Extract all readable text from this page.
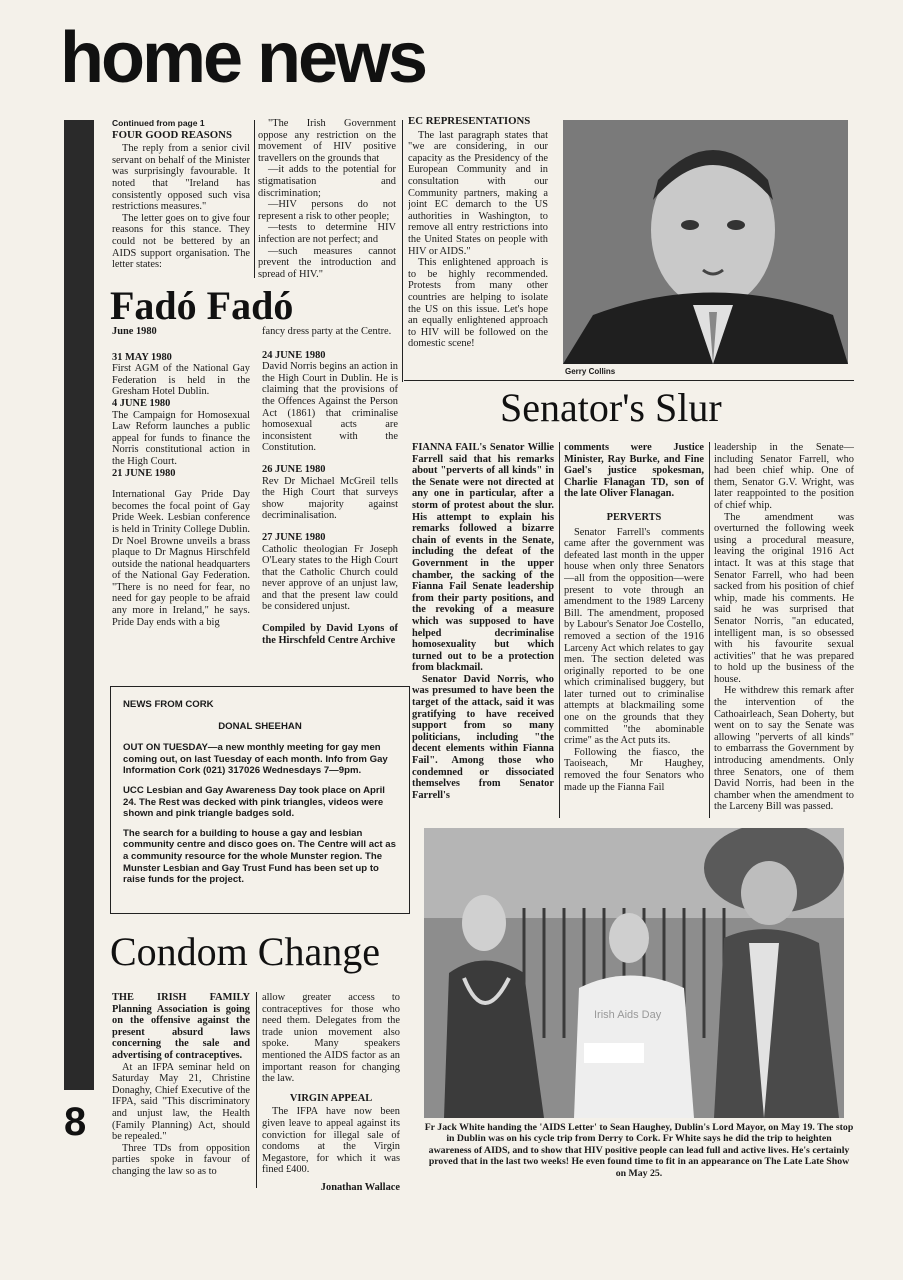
home news
8
Continued from page 1
FOUR GOOD REASONS

The reply from a senior civil servant on behalf of the Minister was surprisingly favourable. It noted that "Ireland has consistently opposed such visa restrictions measures."

The letter goes on to give four reasons for this stance. They could not be bettered by an AIDS support organisation. The letter states:

"The Irish Government oppose any restriction on the movement of HIV positive travellers on the grounds that

—it adds to the potential for stigmatisation and discrimination;

—HIV persons do not represent a risk to other people;

—tests to determine HIV infection are not perfect; and

—such measures cannot prevent the introduction and spread of HIV."

EC REPRESENTATIONS

The last paragraph states that "we are considering, in our capacity as the Presidency of the European Community and in consultation with our Community partners, making a joint EC demarch to the US authorities in Washington, to remove all entry restrictions into the United States on people with HIV or AIDS."

This enlightened approach is to be highly recommended. Protests from many other countries are helping to isolate the US on this issue. Let's hope an equally enlightened approach to HIV will be followed on the domestic scene!

Gerry Collins
Fadó Fadó
June 1980
31 MAY 1980

First AGM of the National Gay Federation is held in the Gresham Hotel Dublin.

4 JUNE 1980

The Campaign for Homosexual Law Reform launches a public appeal for funds to finance the Norris constitutional action in the High Court.

21 JUNE 1980

International Gay Pride Day becomes the focal point of Gay Pride Week. Lesbian conference is held in Trinity College Dublin. Dr Noel Browne unveils a brass plaque to Dr Magnus Hirschfeld outside the national headquarters of the National Gay Federation. "There is no need for fear, no need for gay people to be afraid any more in Ireland," he says. Pride Day ends with a big

fancy dress party at the Centre.

24 JUNE 1980

David Norris begins an action in the High Court in Dublin. He is claiming that the provisions of the Offences Against the Person Act (1861) that criminalise homosexual acts are inconsistent with the Constitution.

26 JUNE 1980

Rev Dr Michael McGreil tells the High Court that surveys show majority against decriminalisation.

27 JUNE 1980

Catholic theologian Fr Joseph O'Leary states to the High Court that the Catholic Church could never approve of an unjust law, and that the present law could be considered unjust.

Compiled by David Lyons of the Hirschfeld Centre Archive

Senator's Slur

FIANNA FAIL's Senator Willie Farrell said that his remarks about "perverts of all kinds" in the Senate were not directed at any one in particular, after a storm of protest about the slur. His attempt to explain his remarks followed a bizarre chain of events in the Senate, including the defeat of the Government in the upper chamber, the sacking of the Fianna Fail Senate leadership from their party positions, and the revoking of a measure which was supposed to have helped decriminalise homosexuality but which turned out to be a protection from blackmail.

Senator David Norris, who was presumed to have been the target of the attack, said it was gratifying to have received support from so many politicians, including "the decent elements within Fianna Fail". Among those who condemned or dissociated themselves from Senator Farrell's

comments were Justice Minister, Ray Burke, and Fine Gael's justice spokesman, Charlie Flanagan TD, son of the late Oliver Flanagan.

PERVERTS

Senator Farrell's comments came after the government was defeated last month in the upper house when only three Senators—all from the opposition—were present to vote through an amendment to the 1989 Larceny Bill. The amendment, proposed by Labour's Senator Joe Costello, removed a section of the 1916 Larceny Act which relates to gay men. The section deleted was originally reported to be one which criminalised buggery, but later turned out to criminalise attempts at blackmailing some one on the grounds that they committed "the abominable crime" as the Act puts its.

Following the fiasco, the Taoiseach, Mr Haughey, removed the four Senators who made up the Fianna Fail

leadership in the Senate—including Senator Farrell, who had been chief whip. One of them, Senator G.V. Wright, was later reappointed to the position of chief whip.

The amendment was overturned the following week using a procedural measure, leaving the original 1916 Act intact. It was at this stage that Senator Farrell, who had been sacked from his position of chief whip, made his comments. He said he was surprised that Senator Norris, "an educated, intelligent man, is so obsessed with his favourite sexual activities" that he was prepared to hold up the business of the house.

He withdrew this remark after the intervention of the Cathoairleach, Sean Doherty, but went on to say the Senate was allowing "perverts of all kinds" to embarrass the Government by introducing amendments. Only three Senators, one of them David Norris, had been in the chamber when the amendment to the Larceny Bill was passed.

NEWS FROM CORK
DONAL SHEEHAN

OUT ON TUESDAY—a new monthly meeting for gay men coming out, on last Tuesday of each month. Info from Gay Information Cork (021) 317026 Wednesdays 7—9pm.

UCC Lesbian and Gay Awareness Day took place on April 24. The Rest was decked with pink triangles, videos were shown and pink triangle badges sold.

The search for a building to house a gay and lesbian community centre and disco goes on. The Centre will act as a community resource for the whole Munster region. The Munster Lesbian and Gay Trust Fund has been set up to raise funds for the project.

Condom Change

THE IRISH FAMILY Planning Association is going on the offensive against the present absurd laws concerning the sale and advertising of contraceptives.

At an IFPA seminar held on Saturday May 21, Christine Donaghy, Chief Executive of the IFPA, said "This discriminatory and unjust law, the Health (Family Planning) Act, should be repealed."

Three TDs from opposition parties spoke in favour of changing the law so as to

allow greater access to contraceptives for those who need them. Delegates from the trade union movement also spoke. Many speakers mentioned the AIDS factor as an important reason for changing the law.

VIRGIN APPEAL

The IFPA have now been given leave to appeal against its conviction for illegal sale of condoms at the Virgin Megastore, for which it was fined £400.

Jonathan Wallace
Irish Aids Day
Fr Jack White handing the 'AIDS Letter' to Sean Haughey, Dublin's Lord Mayor, on May 19. The stop in Dublin was on his cycle trip from Derry to Cork. Fr White says he did the trip to heighten awareness of AIDS, and to show that HIV positive people can lead full and active lives. He's certainly proved that in the last two weeks! He even found time to fit in an appearance on The Late Late Show on May 25.
